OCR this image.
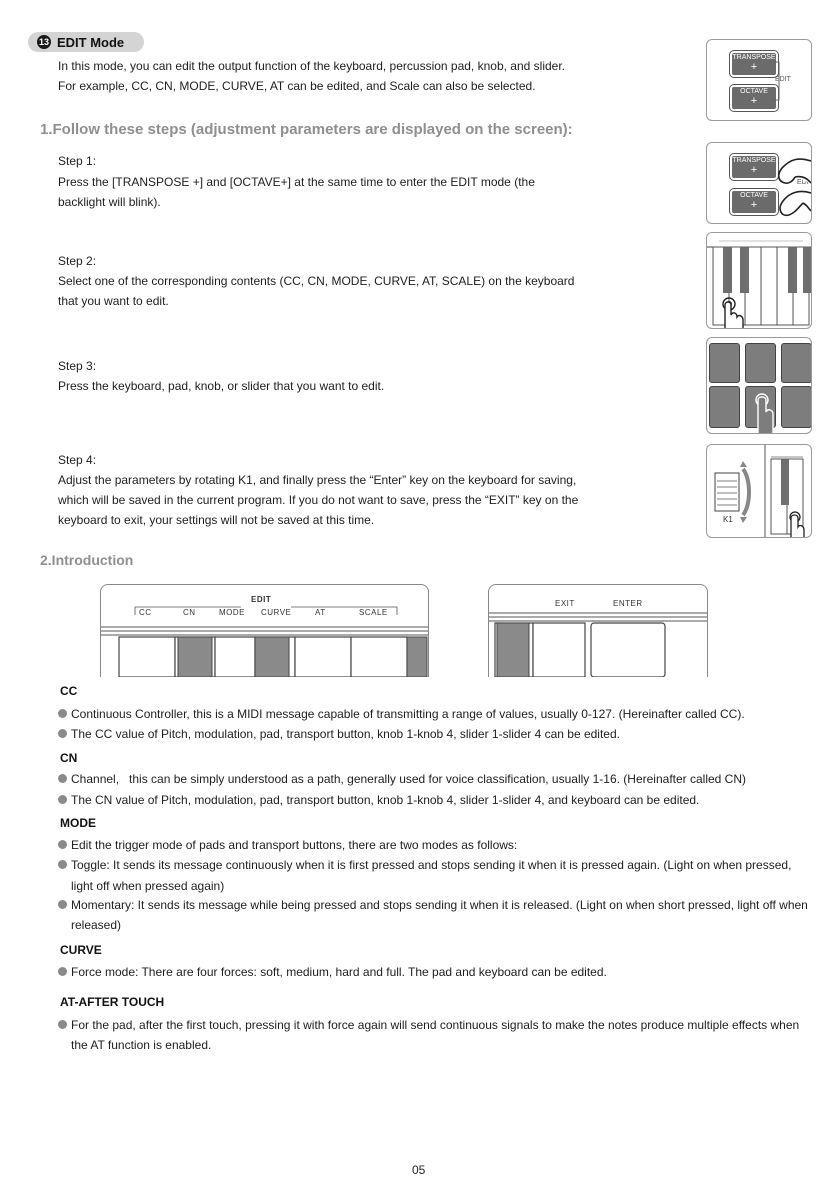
13 EDIT Mode
In this mode, you can edit the output function of the keyboard, percussion pad, knob, and slider.
For example, CC, CN, MODE, CURVE, AT can be edited, and Scale can also be selected.
1.Follow these steps (adjustment parameters are displayed on the screen):
Step 1:
Press the [TRANSPOSE +] and [OCTAVE+] at the same time to enter the EDIT mode (the
backlight will blink).
Step 2:
Select one of the corresponding contents (CC, CN, MODE, CURVE, AT, SCALE) on the keyboard
that you want to edit.
Step 3:
Press the keyboard, pad, knob, or slider that you want to edit.
Step 4:
Adjust the parameters by rotating K1, and finally press the “Enter” key on the keyboard for saving,
which will be saved in the current program. If you do not want to save, press the “EXIT” key on the
keyboard to exit, your settings will not be saved at this time.
TRANSPOSE
+
OCTAVE
+
EDIT
TRANSPOSE
+
OCTAVE
+
EDI
K1
2.Introduction
EDIT
CC	CN	MODE CURVE	AT	SCALE
EXIT	ENTER
CC
Continuous Controller, this is a MIDI message capable of transmitting a range of values, usually 0-127. (Hereinafter called CC).
The CC value of Pitch, modulation, pad, transport button, knob 1-knob 4, slider 1-slider 4 can be edited.
CN
Channel,   this can be simply understood as a path, generally used for voice classification, usually 1-16. (Hereinafter called CN)
The CN value of Pitch, modulation, pad, transport button, knob 1-knob 4, slider 1-slider 4, and keyboard can be edited.
MODE
Edit the trigger mode of pads and transport buttons, there are two modes as follows:
Toggle: It sends its message continuously when it is first pressed and stops sending it when it is pressed again. (Light on when pressed,
light off when pressed again)
Momentary: It sends its message while being pressed and stops sending it when it is released. (Light on when short pressed, light off when
released)
CURVE
Force mode: There are four forces: soft, medium, hard and full. The pad and keyboard can be edited.
AT-AFTER TOUCH
For the pad, after the first touch, pressing it with force again will send continuous signals to make the notes produce multiple effects when
the AT function is enabled.
05
